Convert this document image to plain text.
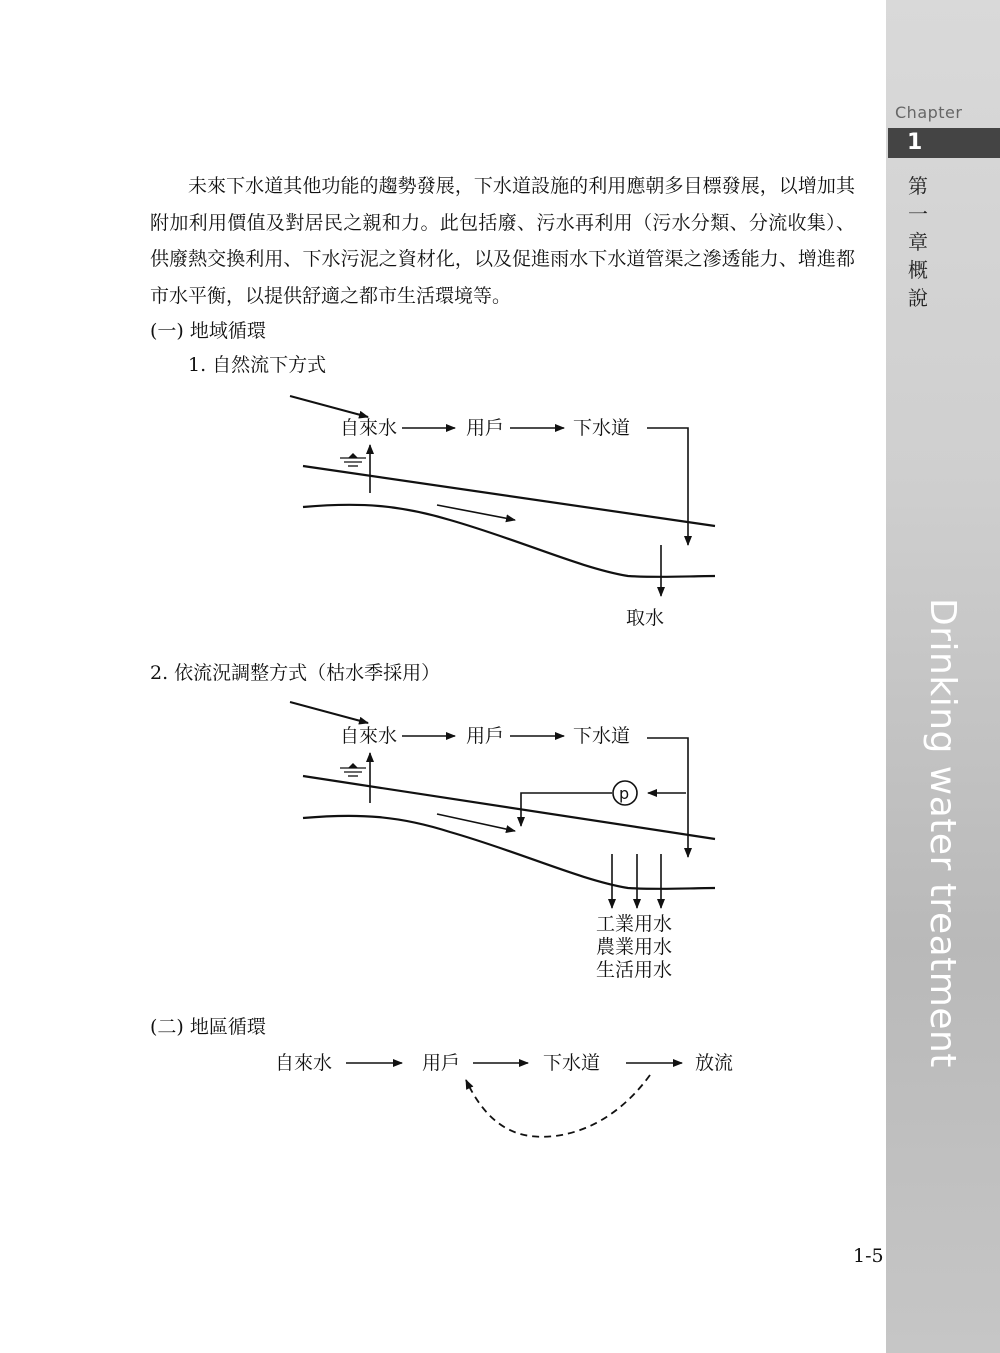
Chapter
1
第一章
概說
Drinking water treatment
未來下水道其他功能的趨勢發展，下水道設施的利用應朝多目標發展，以增加其附加利用價值及對居民之親和力。此包括廢、污水再利用（污水分類、分流收集）、供廢熱交換利用、下水污泥之資材化，以及促進雨水下水道管渠之滲透能力、增進都市水平衡，以提供舒適之都市生活環境等。
(一) 地域循環
1. 自然流下方式
自來水	用戶	下水道
取水
自來水	用戶	下水道
p
工業用水
農業用水
生活用水
自來水	用戶	下水道	放流
2. 依流況調整方式（枯水季採用）
(二) 地區循環
1-5
